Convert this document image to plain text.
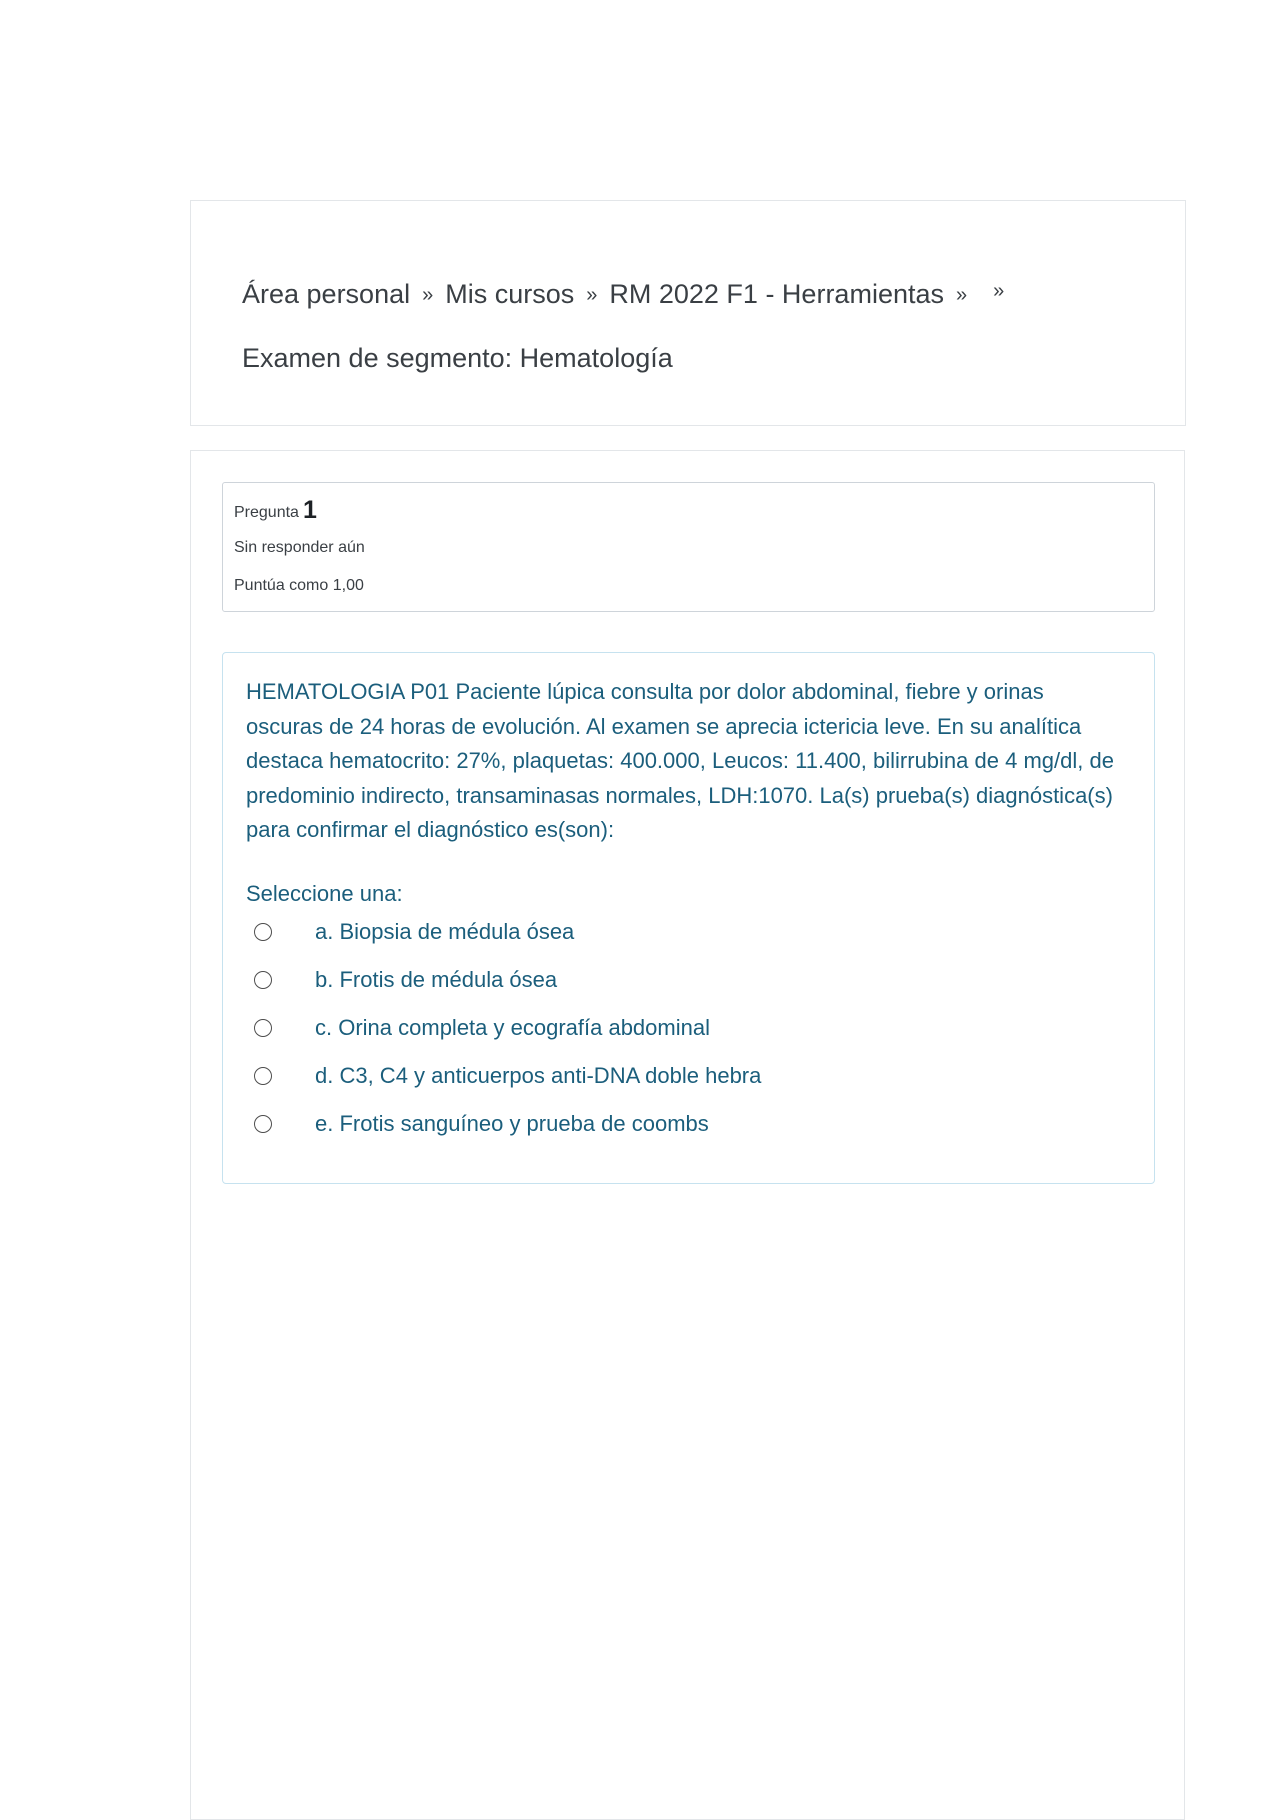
Área personal » Mis cursos » RM 2022 F1 - Herramientas » »
Examen de segmento: Hematología
Pregunta 1
Sin responder aún
Puntúa como 1,00
HEMATOLOGIA P01 Paciente lúpica consulta por dolor abdominal, fiebre y orinas oscuras de 24 horas de evolución. Al examen se aprecia ictericia leve. En su analítica destaca hematocrito: 27%, plaquetas: 400.000, Leucos: 11.400, bilirrubina de 4 mg/dl, de predominio indirecto, transaminasas normales, LDH:1070. La(s) prueba(s) diagnóstica(s) para confirmar el diagnóstico es(son):
Seleccione una:
a. Biopsia de médula ósea
b. Frotis de médula ósea
c. Orina completa y ecografía abdominal
d. C3, C4 y anticuerpos anti-DNA doble hebra
e. Frotis sanguíneo y prueba de coombs
